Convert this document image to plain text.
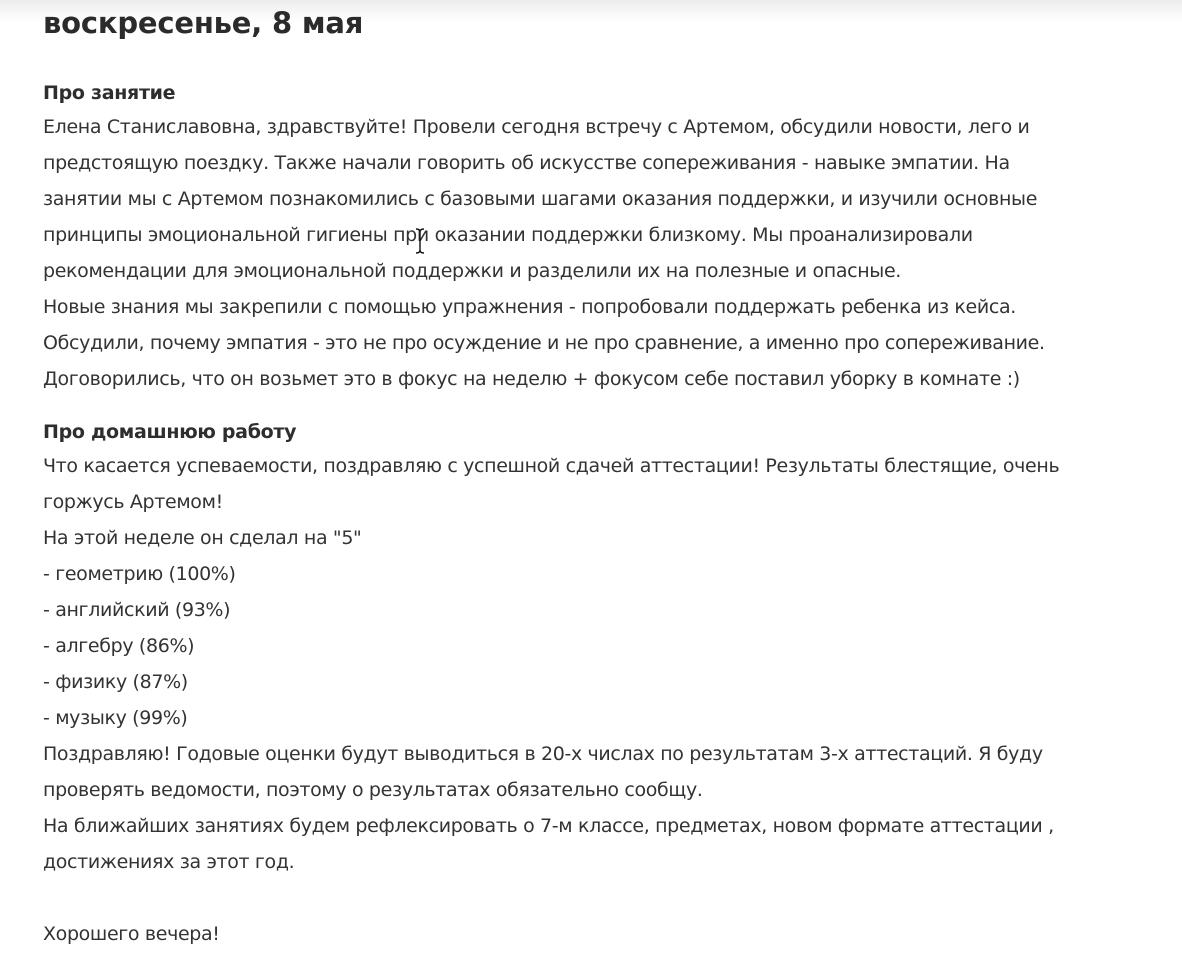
воскресенье, 8 мая
Про занятие
Елена Станиславовна, здравствуйте! Провели сегодня встречу с Артемом, обсудили новости, лего и
предстоящую поездку. Также начали говорить об искусстве сопереживания - навыке эмпатии. На
занятии мы с Артемом познакомились с базовыми шагами оказания поддержки, и изучили основные
принципы эмоциональной гигиены при оказании поддержки близкому. Мы проанализировали
рекомендации для эмоциональной поддержки и разделили их на полезные и опасные.
Новые знания мы закрепили с помощью упражнения - попробовали поддержать ребенка из кейса.
Обсудили, почему эмпатия - это не про осуждение и не про сравнение, а именно про сопереживание.
Договорились, что он возьмет это в фокус на неделю + фокусом себе поставил уборку в комнате :)
Про домашнюю работу
Что касается успеваемости, поздравляю с успешной сдачей аттестации! Результаты блестящие, очень
горжусь Артемом!
На этой неделе он сделал на "5"
- геометрию (100%)
- английский (93%)
- алгебру (86%)
- физику (87%)
- музыку (99%)
Поздравляю! Годовые оценки будут выводиться в 20-х числах по результатам 3-х аттестаций. Я буду
проверять ведомости, поэтому о результатах обязательно сообщу.
На ближайших занятиях будем рефлексировать о 7-м классе, предметах, новом формате аттестации ,
достижениях за этот год.
Хорошего вечера!
